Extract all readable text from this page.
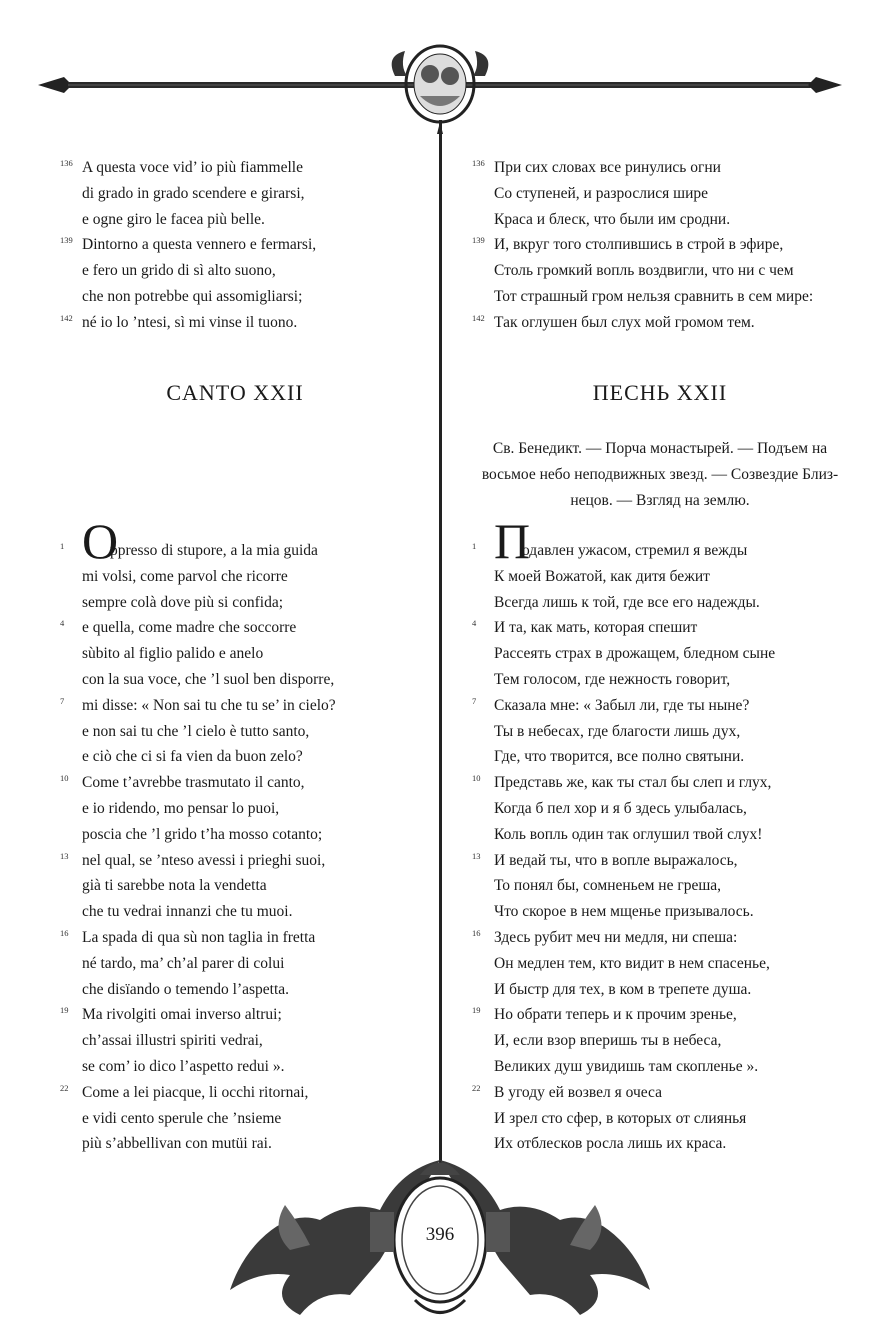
136 A questa voce vid’ io più fiammelle
di grado in grado scendere e girarsi,
e ogne giro le facea più belle.
139 Dintorno a questa vennero e fermarsi,
e fero un grido di sì alto suono,
che non potrebbe qui assomigliarsi;
142 né io lo ’ntesi, sì mi vinse il tuono.
136 При сих словах все ринулись огни
Со ступеней, и разрослися шире
Краса и блеск, что были им сродни.
139 И, вкруг того столпившись в строй в эфире,
Столь громкий вопль воздвигли, что ни с чем
Тот страшный гром нельзя сравнить в сем мире:
142 Так оглушен был слух мой громом тем.
CANTO XXII	ПЕСНЬ XXII
Св. Бенедикт. — Порча монастырей. — Подъем на
восьмое небо неподвижных звезд. — Созвездие Близ-
нецов. — Взгляд на землю.
1 O
ppresso di stupore, a la mia guida
mi volsi, come parvol che ricorre
sempre colà dove più si confida;
4 e quella, come madre che soccorre
sùbito al figlio palido e anelo
con la sua voce, che ’l suol ben disporre,
7 mi disse: « Non sai tu che tu se’ in cielo?
e non sai tu che ’l cielo è tutto santo,
e ciò che ci si fa vien da buon zelo?
10 Come t’avrebbe trasmutato il canto,
e io ridendo, mo pensar lo puoi,
poscia che ’l grido t’ha mosso cotanto;
13 nel qual, se ’nteso avessi i prieghi suoi,
già ti sarebbe nota la vendetta
che tu vedrai innanzi che tu muoi.
16 La spada di qua sù non taglia in fretta
né tardo, ma’ ch’al parer di colui
che disïando o temendo l’aspetta.
19 Ma rivolgiti omai inverso altrui;
ch’assai illustri spiriti vedrai,
se com’ io dico l’aspetto redui ».
22 Come a lei piacque, li occhi ritornai,
e vidi cento sperule che ’nsieme
più s’abbellivan con mutüi rai.
1 П
одавлен ужасом, стремил я вежды
К моей Вожатой, как дитя бежит
Всегда лишь к той, где все его надежды.
4 И та, как мать, которая спешит
Рассеять страх в дрожащем, бледном сыне
Тем голосом, где нежность говорит,
7 Сказала мне: « Забыл ли, где ты ныне?
Ты в небесах, где благости лишь дух,
Где, что творится, все полно святыни.
10 Представь же, как ты стал бы слеп и глух,
Когда б пел хор и я б здесь улыбалась,
Коль вопль один так оглушил твой слух!
13 И ведай ты, что в вопле выражалось,
То понял бы, сомненьем не греша,
Что скорое в нем мщенье призывалось.
16 Здесь рубит меч ни медля, ни спеша:
Он медлен тем, кто видит в нем спасенье,
И быстр для тех, в ком в трепете душа.
19 Но обрати теперь и к прочим зренье,
И, если взор вперишь ты в небеса,
Великих душ увидишь там скопленье ».
22 В угоду ей возвел я очеса
И зрел сто сфер, в которых от слиянья
Их отблесков росла лишь их краса.
396
